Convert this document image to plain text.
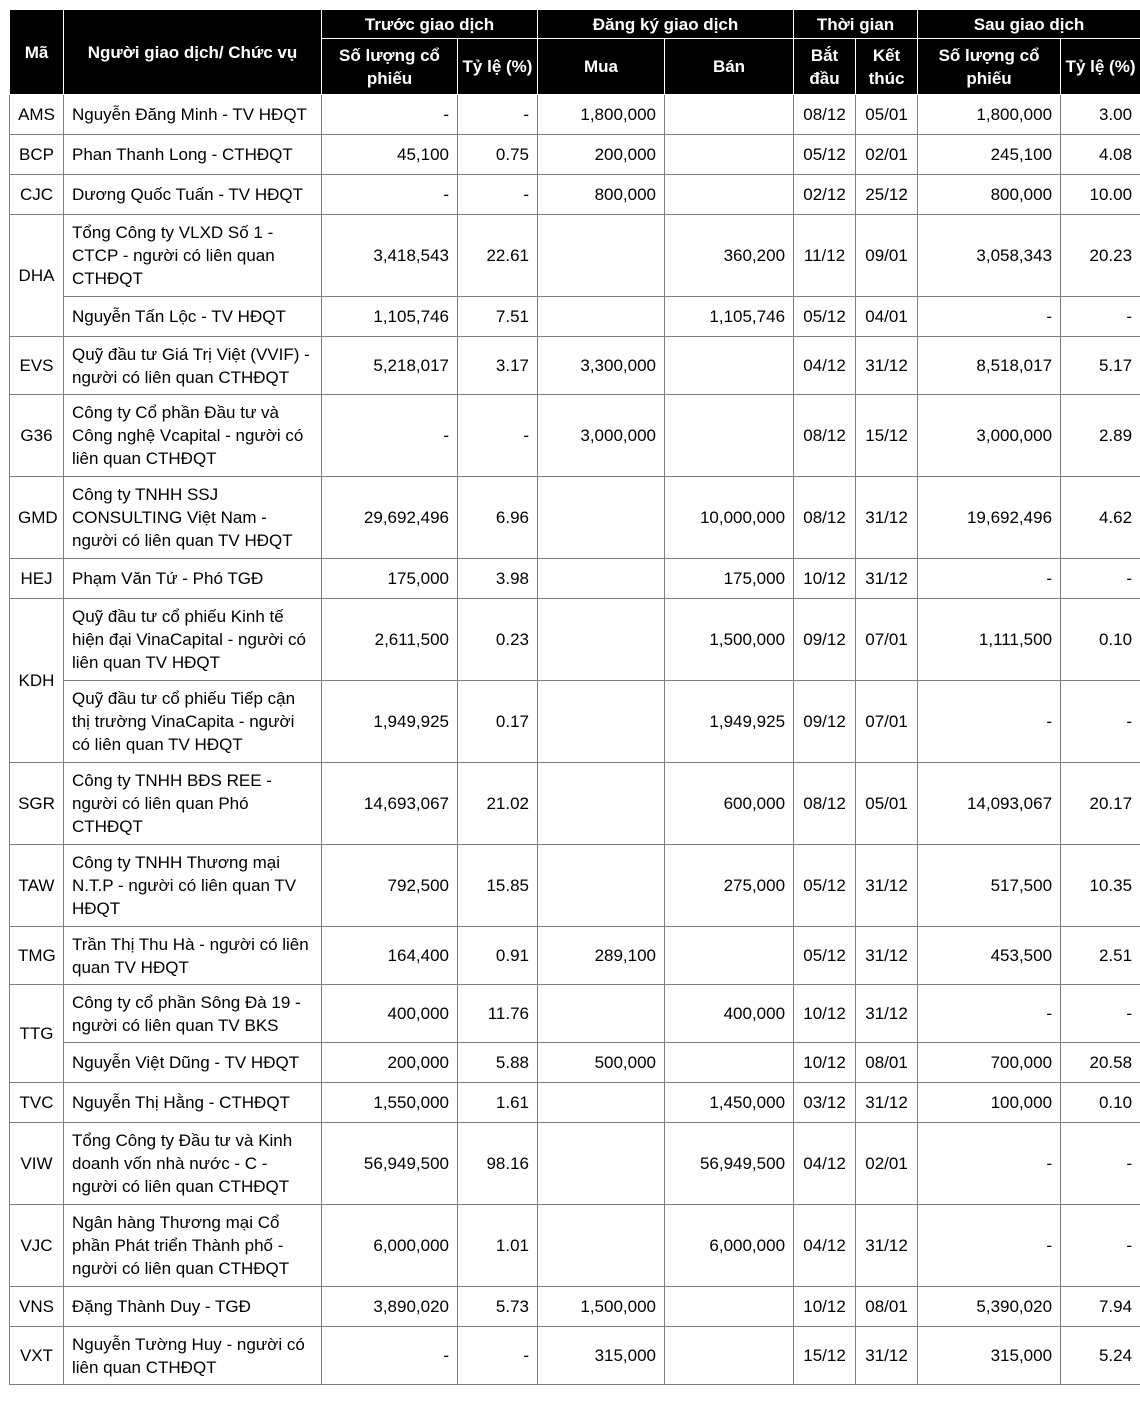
Mã	Người giao dịch/ Chức vụ	Trước giao dịch		Đăng ký giao dịch		Thời gian		Sau giao dịch	
		Số lượng cổ phiếu	Tỷ lệ (%)	Mua	Bán	Bắt đầu	Kết thúc	Số lượng cổ phiếu	Tỷ lệ (%)
AMS	Nguyễn Đăng Minh - TV HĐQT	-	-	1,800,000		08/12	05/01	1,800,000	3.00
BCP	Phan Thanh Long - CTHĐQT	45,100	0.75	200,000		05/12	02/01	245,100	4.08
CJC	Dương Quốc Tuấn - TV HĐQT	-	-	800,000		02/12	25/12	800,000	10.00
DHA	Tổng Công ty VLXD Số 1 - CTCP - người có liên quan CTHĐQT	3,418,543	22.61		360,200	11/12	09/01	3,058,343	20.23
	Nguyễn Tấn Lộc - TV HĐQT	1,105,746	7.51		1,105,746	05/12	04/01	-	-
EVS	Quỹ đầu tư Giá Trị Việt (VVIF) - người có liên quan CTHĐQT	5,218,017	3.17	3,300,000		04/12	31/12	8,518,017	5.17
G36	Công ty Cổ phần Đầu tư và Công nghệ Vcapital - người có liên quan CTHĐQT	-	-	3,000,000		08/12	15/12	3,000,000	2.89
GMD	Công ty TNHH SSJ CONSULTING Việt Nam - người có liên quan TV HĐQT	29,692,496	6.96		10,000,000	08/12	31/12	19,692,496	4.62
HEJ	Phạm Văn Tứ - Phó TGĐ	175,000	3.98		175,000	10/12	31/12	-	-
KDH	Quỹ đầu tư cổ phiếu Kinh tế hiện đại VinaCapital - người có liên quan TV HĐQT	2,611,500	0.23		1,500,000	09/12	07/01	1,111,500	0.10
	Quỹ đầu tư cổ phiếu Tiếp cận thị trường VinaCapita - người có liên quan TV HĐQT	1,949,925	0.17		1,949,925	09/12	07/01	-	-
SGR	Công ty TNHH BĐS REE - người có liên quan Phó CTHĐQT	14,693,067	21.02		600,000	08/12	05/01	14,093,067	20.17
TAW	Công ty TNHH Thương mại N.T.P - người có liên quan TV HĐQT	792,500	15.85		275,000	05/12	31/12	517,500	10.35
TMG	Trần Thị Thu Hà - người có liên quan TV HĐQT	164,400	0.91	289,100		05/12	31/12	453,500	2.51
TTG	Công ty cổ phần Sông Đà 19 - người có liên quan TV BKS	400,000	11.76		400,000	10/12	31/12	-	-
	Nguyễn Việt Dũng - TV HĐQT	200,000	5.88	500,000		10/12	08/01	700,000	20.58
TVC	Nguyễn Thị Hằng - CTHĐQT	1,550,000	1.61		1,450,000	03/12	31/12	100,000	0.10
VIW	Tổng Công ty Đầu tư và Kinh doanh vốn nhà nước - C - người có liên quan CTHĐQT	56,949,500	98.16		56,949,500	04/12	02/01	-	-
VJC	Ngân hàng Thương mại Cổ phần Phát triển Thành phố - người có liên quan CTHĐQT	6,000,000	1.01		6,000,000	04/12	31/12	-	-
VNS	Đặng Thành Duy - TGĐ	3,890,020	5.73	1,500,000		10/12	08/01	5,390,020	7.94
VXT	Nguyễn Tường Huy - người có liên quan CTHĐQT	-	-	315,000		15/12	31/12	315,000	5.24
